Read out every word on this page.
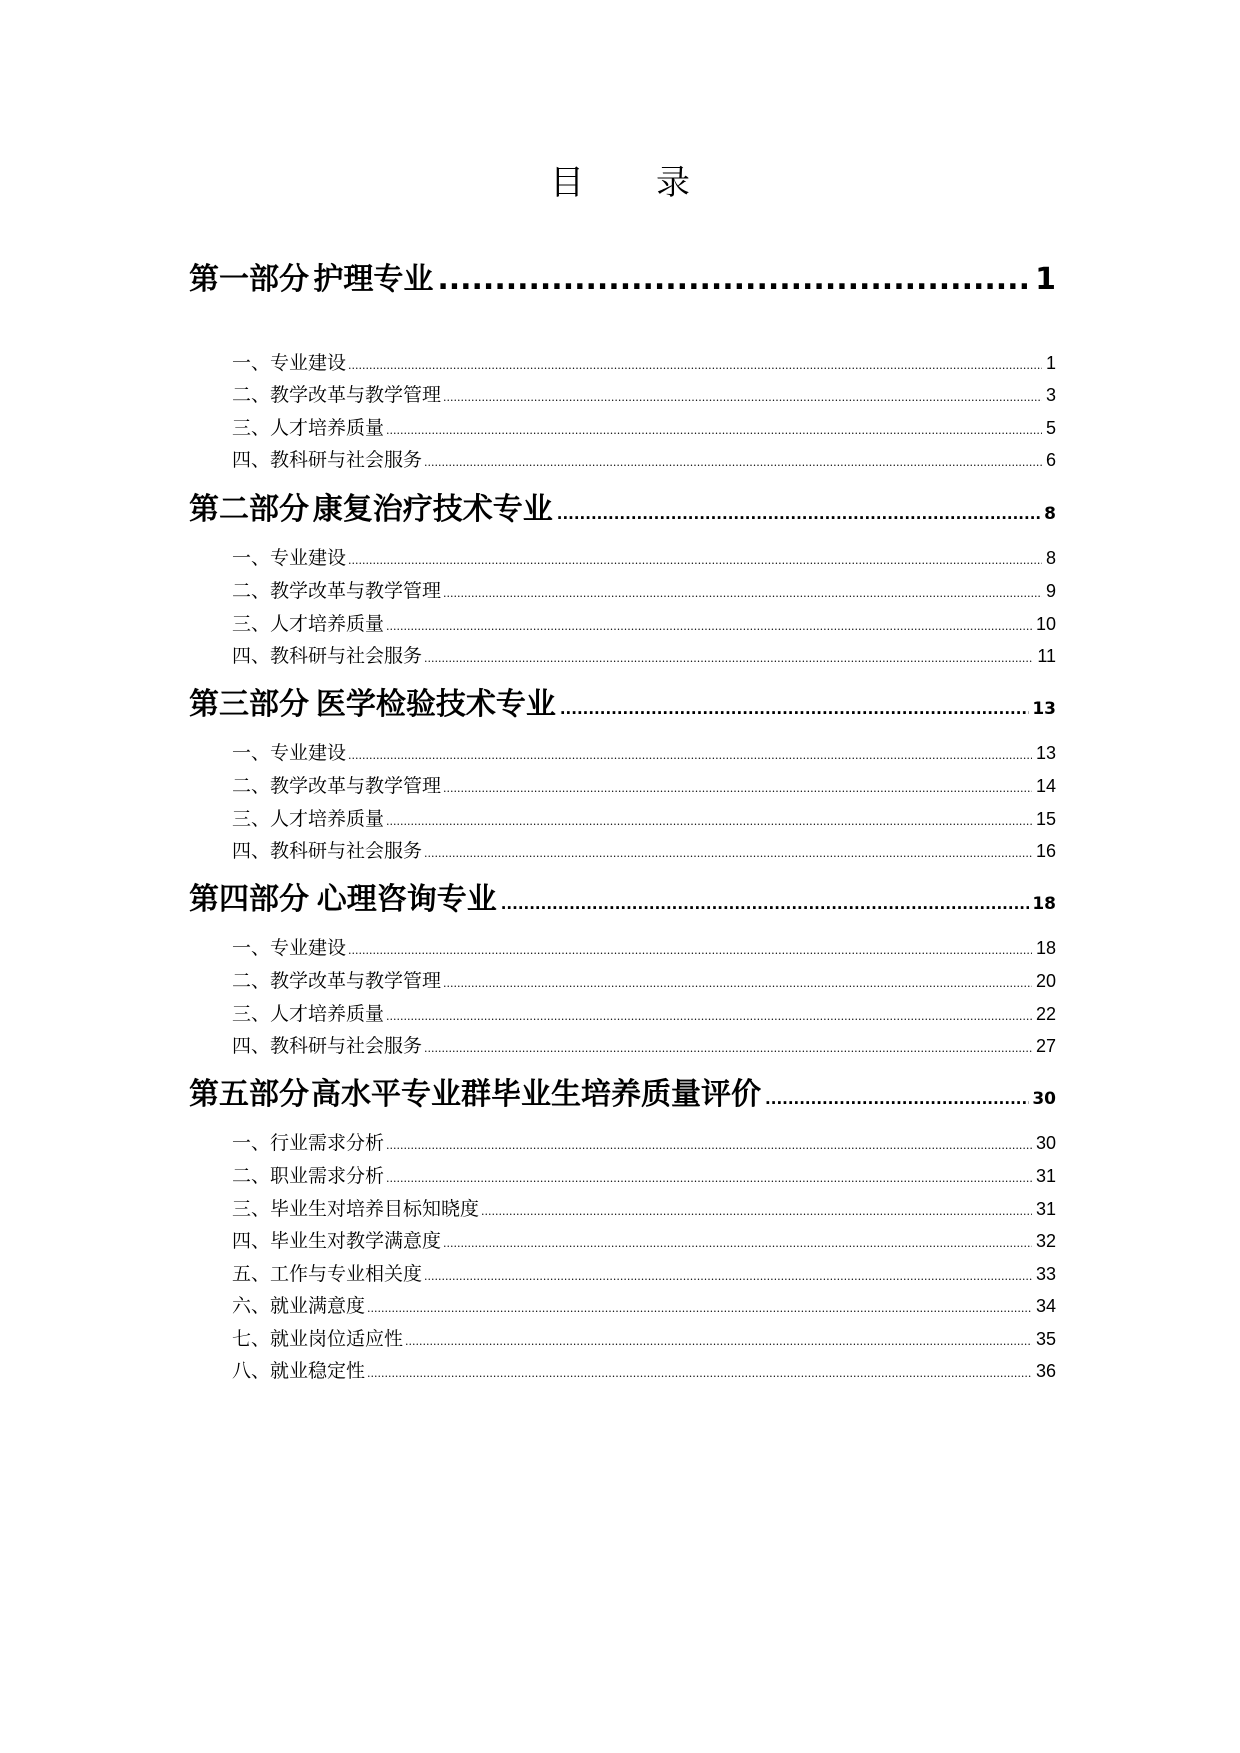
目 录
第一部分 护理专业 .....	1
一、专业建设 .....	1
二、教学改革与教学管理 .....	3
三、人才培养质量 .....	5
四、教科研与社会服务 .....	6
第二部分 康复治疗技术专业 .....	8
一、专业建设 .....	8
二、教学改革与教学管理 .....	9
三、人才培养质量 .....	10
四、教科研与社会服务 .....	11
第三部分 医学检验技术专业 .....	13
一、专业建设 .....	13
二、教学改革与教学管理 .....	14
三、人才培养质量 .....	15
四、教科研与社会服务 .....	16
第四部分 心理咨询专业 .....	18
一、专业建设 .....	18
二、教学改革与教学管理 .....	20
三、人才培养质量 .....	22
四、教科研与社会服务 .....	27
第五部分 高水平专业群毕业生培养质量评价 .....	30
一、行业需求分析 .....	30
二、职业需求分析 .....	31
三、毕业生对培养目标知晓度 .....	31
四、毕业生对教学满意度 .....	32
五、工作与专业相关度 .....	33
六、就业满意度 .....	34
七、就业岗位适应性 .....	35
八、就业稳定性 .....	36
